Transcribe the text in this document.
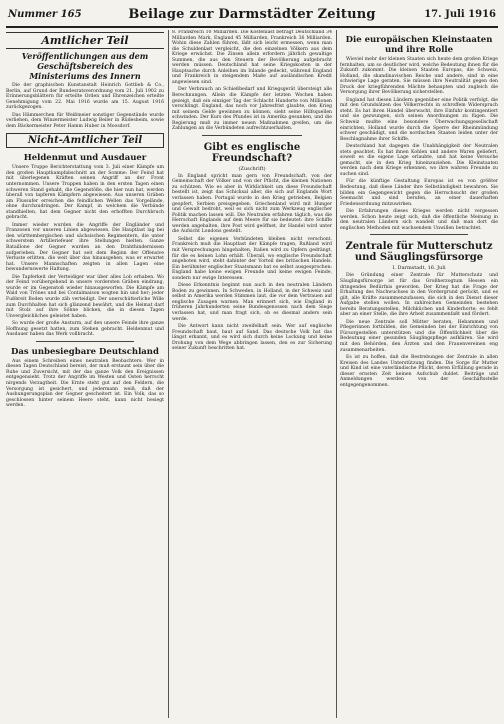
Nummer 165	Beilage zur Darmstädter Zeitung	17. Juli 1916
Amtlicher Teil
Veröffentlichungen aus dem Geschäftsbereich des Ministeriums des Innern

Die der graphischen Kunstanstalt Heinrich Gottlieb & Co., Berlin, auf Grund der Bundesratsverordnung vom 21. Juli 1902 zu Erinnerungsblättern für erteilte Orden und Ehrenzeichen erteilte Genehmigung vom 22. Mai 1916 wurde am 15. August 1916 zurückgezogen.

Das Hämmerchen für Weißmeier sonstiger Gegenstände wurde verliehen, dem Winzermeister Ludwig Beiler in Rüdesheim, sowie dem Bäckermeister Peter Hamm Huber in Moosdorf.

Nicht-Amtlicher Teil
Heldenmut und Ausdauer

Unsere Truppe Berichterstattung vom 3. Juli einer Kämpfe um den großen Hauptkampfabschnitt an der Somme: Der Feind hat mit überlegenen Kräften seinen Angriff an der Front unternommen. Unsere Truppen haben in den ersten Tagen einen schweren Stand gehabt, die Gegenstöße, die hier nun hat, werden überall von tapferen Kämpfern abgewiesen. Aus unseren Gräben am Flussufer erreichen die feindlichen Wellen das Vorgelände, ohne durchzudringen. Der Kampf, in welchem die Verbände standhielten, hat dem Gegner nicht den erhofften Durchbruch gebracht.

Immer wieder wurden die Angriffe der Engländer und Franzosen vor unseren Linien abgewiesen. Die Hauptlast lag bei den württembergischen und sächsischen Regimentern, die unter schwerstem Artilleriefeuer ihre Stellungen hielten. Ganze Bataillone der Gegner wurden an den Drahthindernissen aufgerieben. Der Gegner hat seit dem Beginn der Offensive Verluste erlitten, die weit über das hinausgehen, was er erwartet hat. Unsere Mannschaften zeigten in allen Lagen eine bewundernswerte Haltung.

Die Tapferkeit der Verteidiger war über alles Lob erhaben. Wo der Feind vorübergehend in unsere vordersten Gräben eindrang, wurde er im Gegenstoß wieder hinausgeworfen. Die Kämpfe am Wald von Trônes und bei Contalmaison wogten hin und her; jeder Fußbreit Boden wurde zäh verteidigt. Der unerschütterliche Wille zum Durchhalten hat sich glänzend bewährt, und die Heimat darf mit Stolz auf ihre Söhne blicken, die in diesen Tagen Unvergleichliches geleistet haben.

So wurde der große Ansturm, auf den unsere Feinde ihre ganze Hoffnung gesetzt hatten, zum Stehen gebracht. Heldenmut und Ausdauer haben das Werk vollbracht.

Das unbesiegbare Deutschland

Aus einem Schreiben eines neutralen Beobachters: Wer in diesen Tagen Deutschland bereist, der muß erstaunt sein über die Ruhe und Zuversicht, mit der das ganze Volk den Ereignissen entgegensieht. Trotz der Angriffe im Westen und Osten herrscht nirgends Verzagtheit. Die Ernte steht gut auf den Feldern, die Versorgung ist gesichert, und jedermann weiß, daß der Aushungerungsplan der Gegner gescheitert ist. Ein Volk, das so geschlossen hinter seinem Heere steht, kann nicht besiegt werden.

8. Frankreich 10 Milliarden. Die Kostenlast beträgt Deutschland 34 Milliarden Mark, England 45 Milliarden, Frankreich 36 Milliarden. Wohin diese Zahlen führen, läßt sich leicht ermessen, wenn man die Schuldenlast vergleicht, die den einzelnen Völkern aus dem Kriege erwächst. Die Zinsen allein erfordern jährlich gewaltige Summen, die aus den Steuern der Bevölkerung aufgebracht werden müssen. Deutschland hat seine Kriegskosten in der Hauptsache durch Anleihen im Inlande gedeckt, während England und Frankreich in steigendem Maße auf ausländischen Kredit angewiesen sind.

Der Verbrauch an Schießbedarf und Kriegsgerät übersteigt alle Berechnungen. Allein die Kämpfe der letzten Wochen haben gezeigt, daß ein einziger Tag der Schlacht Hunderte von Millionen verschlingt. England, das noch vor Jahresfrist glaubte, den Krieg mit seinem Gelde gewinnen zu können, sieht seine Hilfsquellen schwinden. Der Kurs des Pfundes ist in Amerika gesunken, und die Regierung muß zu immer neuen Maßnahmen greifen, um die Zahlungen an die Verbündeten aufrechtzuerhalten.

Gibt es englische Freundschaft?
(Zuschrift)

In England spricht man gern von Freundschaft, von der Gemeinschaft der Völker und von der Pflicht, die kleinen Nationen zu schützen. Wie es aber in Wirklichkeit um diese Freundschaft bestellt ist, zeigt das Schicksal aller, die sich auf Englands Wort verlassen haben. Portugal wurde in den Krieg getrieben, Belgien geopfert, Serbien preisgegeben. Griechenland wird mit Hunger und Gewalt bedroht, weil es sich nicht zum Werkzeug englischer Politik machen lassen will. Die Neutralen erfahren täglich, was die Herrschaft Englands auf dem Meere für sie bedeutet: ihre Schiffe werden angehalten, ihre Post wird geöffnet, ihr Handel wird unter die Aufsicht Londons gestellt.

Selbst die eigenen Verbündeten bleiben nicht verschont. Frankreich muß die Hauptlast der Kämpfe tragen, Rußland wird mit Versprechungen hingehalten, Italien wird zu Opfern gedrängt, für die es keinen Lohn erhält. Überall, wo englische Freundschaft angeboten wird, steht dahinter der Vorteil des britischen Handels. Ein berühmter englischer Staatsmann hat es selbst ausgesprochen: England habe keine ewigen Freunde und keine ewigen Feinde, sondern nur ewige Interessen.

Diese Erkenntnis beginnt nun auch in den neutralen Ländern Boden zu gewinnen. In Schweden, in Holland, in der Schweiz und selbst in Amerika werden Stimmen laut, die vor dem Vertrauen auf englische Zusagen warnen. Man erinnert sich, wie England in früheren Jahrhunderten seine Bundesgenossen nach dem Siege verlassen hat, und man fragt sich, ob es diesmal anders sein werde.

Die Antwort kann nicht zweifelhaft sein. Wer auf englische Freundschaft baut, baut auf Sand. Das deutsche Volk hat das längst erkannt, und es wird sich durch keine Lockung und keine Drohung von dem Wege abbringen lassen, den es zur Sicherung seiner Zukunft beschritten hat.

Die europäischen Kleinstaaten und ihre Rolle

Wieviel mehr der kleinen Staaten sich heute dem großen Kriege fernhalten, um so deutlicher wird, welche Bedeutung ihnen für die Zukunft zukommt. Die kleinen Staaten Europas, die Schweiz, Holland, die skandinavischen Reiche und andere, sind in eine schwierige Lage geraten. Sie müssen ihre Neutralität gegen den Druck der kriegführenden Mächte behaupten und zugleich die Versorgung ihrer Bevölkerung sicherstellen.

England hat diesen Ländern gegenüber eine Politik verfolgt, die mit den Grundsätzen des Völkerrechts in schroffem Widerspruch steht. Es hat ihren Handel überwacht, ihre Einfuhr kontingentiert und sie gezwungen, sich seinen Anordnungen zu fügen. Die Schweiz mußte eine besondere Überwachungsgesellschaft einrichten, Holland wurde durch die Sperre der Rheinmündung schwer geschädigt, und die nordischen Staaten leiden unter der Beschlagnahme ihrer Schiffe.

Deutschland hat dagegen die Unabhängigkeit der Neutralen stets geachtet. Es hat ihnen Kohlen und andere Waren geliefert, soweit es die eigene Lage erlaubte, und hat keine Versuche gemacht, sie in den Krieg hineinzuziehen. Die Kleinstaaten werden nach dem Kriege erkennen, wo ihre wahren Freunde zu suchen sind.

Für die künftige Gestaltung Europas ist es von größter Bedeutung, daß diese Länder ihre Selbständigkeit bewahren. Sie bilden ein Gegengewicht gegen die Herrschsucht der großen Seemacht und sind berufen, an einer dauerhaften Friedensordnung mitzuwirken.

Die Erfahrungen dieses Krieges werden nicht vergessen werden. Schon heute zeigt sich, daß die öffentliche Meinung in den neutralen Ländern sich wandelt und daß man dort die englischen Methoden mit wachsendem Unwillen betrachtet.

Zentrale für Mutterschutz und Säuglingsfürsorge
I. Darmstadt, 16. Juli

Die Gründung einer Zentrale für Mutterschutz und Säuglingsfürsorge ist für das Großherzogtum Hessen ein dringendes Bedürfnis geworden. Der Krieg hat die Frage der Erhaltung des Nachwuchses in den Vordergrund gerückt, und es gilt, alle Kräfte zusammenzufassen, die sich in den Dienst dieser Aufgabe stellen wollen. In zahlreichen Gemeinden bestehen bereits Beratungsstellen, Milchküchen und Kinderhorte; es fehlt aber an einer Stelle, die ihre Arbeit zusammenfaßt und fördert.

Die neue Zentrale soll Mütter beraten, Hebammen und Pflegerinnen fortbilden, die Gemeinden bei der Einrichtung von Fürsorgestellen unterstützen und die Öffentlichkeit über die Bedeutung einer gesunden Säuglingspflege aufklären. Sie wird mit den Behörden, den Ärzten und den Frauenvereinen eng zusammenarbeiten.

Es ist zu hoffen, daß die Bestrebungen der Zentrale in allen Kreisen des Landes Unterstützung finden. Die Sorge für Mutter und Kind ist eine vaterländische Pflicht, deren Erfüllung gerade in dieser ernsten Zeit keinen Aufschub duldet. Beiträge und Anmeldungen werden von der Geschäftsstelle entgegengenommen.
